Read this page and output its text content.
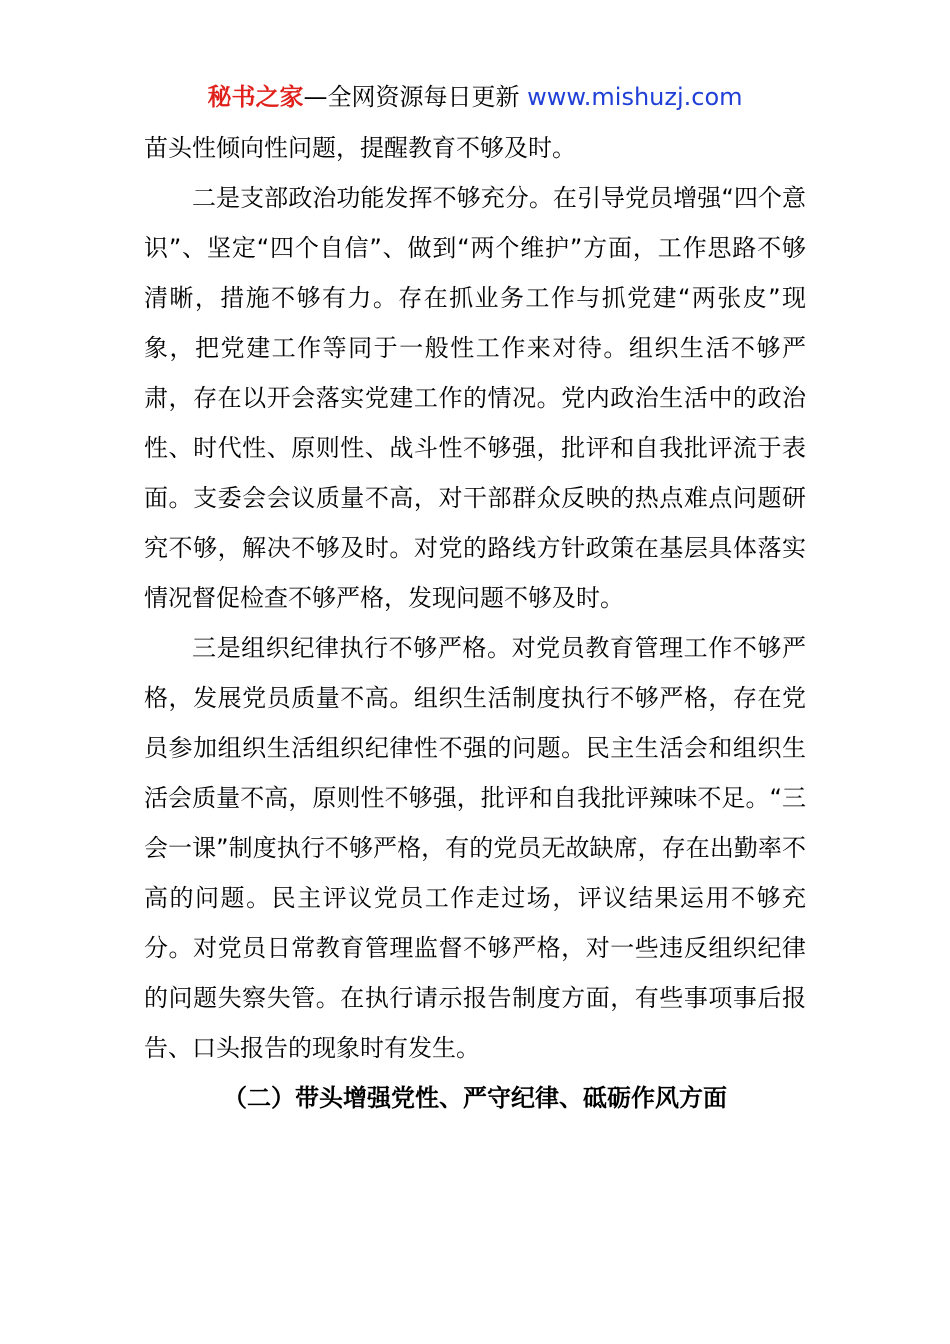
秘书之家—全网资源每日更新 www.mishuzj.com

苗头性倾向性问题，提醒教育不够及时。

二是支部政治功能发挥不够充分。在引导党员增强“四个意识”、坚定“四个自信”、做到“两个维护”方面，工作思路不够清晰，措施不够有力。存在抓业务工作与抓党建“两张皮”现象，把党建工作等同于一般性工作来对待。组织生活不够严肃，存在以开会落实党建工作的情况。党内政治生活中的政治性、时代性、原则性、战斗性不够强，批评和自我批评流于表面。支委会会议质量不高，对干部群众反映的热点难点问题研究不够，解决不够及时。对党的路线方针政策在基层具体落实情况督促检查不够严格，发现问题不够及时。

三是组织纪律执行不够严格。对党员教育管理工作不够严格，发展党员质量不高。组织生活制度执行不够严格，存在党员参加组织生活组织纪律性不强的问题。民主生活会和组织生活会质量不高，原则性不够强，批评和自我批评辣味不足。“三会一课”制度执行不够严格，有的党员无故缺席，存在出勤率不高的问题。民主评议党员工作走过场，评议结果运用不够充分。对党员日常教育管理监督不够严格，对一些违反组织纪律的问题失察失管。在执行请示报告制度方面，有些事项事后报告、口头报告的现象时有发生。

（二）带头增强党性、严守纪律、砥砺作风方面
